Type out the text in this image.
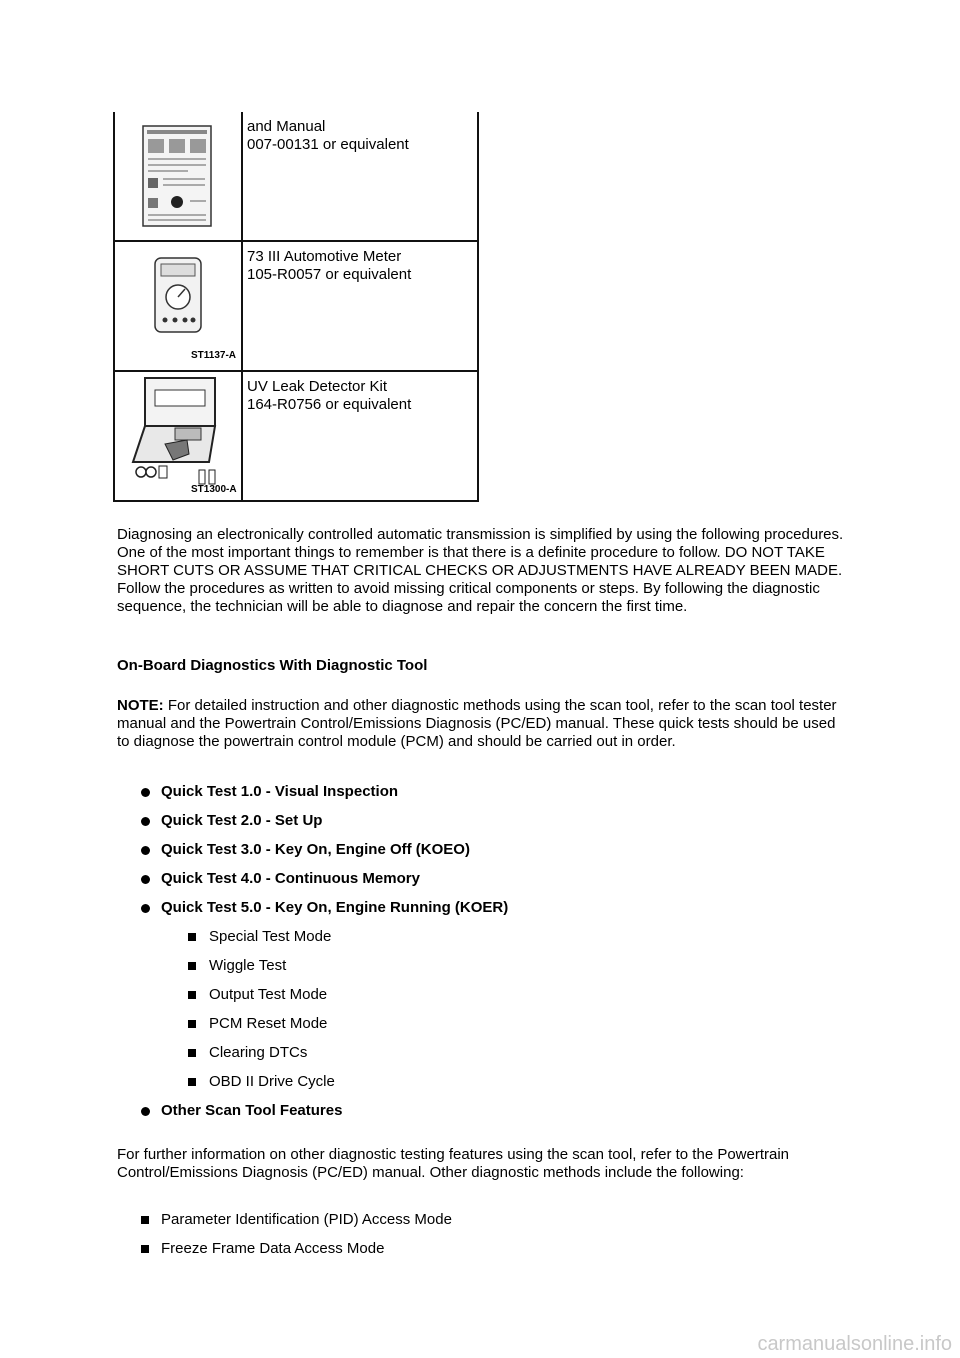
and Manual
007-00131 or equivalent

ST1137-A	73 III Automotive Meter
105-R0057 or equivalent

ST1300-A	UV Leak Detector Kit
164-R0756 or equivalent

Diagnosing an electronically controlled automatic transmission is simplified by using the following procedures. One of the most important things to remember is that there is a definite procedure to follow. DO NOT TAKE SHORT CUTS OR ASSUME THAT CRITICAL CHECKS OR ADJUSTMENTS HAVE ALREADY BEEN MADE. Follow the procedures as written to avoid missing critical components or steps. By following the diagnostic sequence, the technician will be able to diagnose and repair the concern the first time.

On-Board Diagnostics With Diagnostic Tool

NOTE: For detailed instruction and other diagnostic methods using the scan tool, refer to the scan tool tester manual and the Powertrain Control/Emissions Diagnosis (PC/ED) manual. These quick tests should be used to diagnose the powertrain control module (PCM) and should be carried out in order.

Quick Test 1.0 - Visual Inspection
Quick Test 2.0 - Set Up
Quick Test 3.0 - Key On, Engine Off (KOEO)
Quick Test 4.0 - Continuous Memory
Quick Test 5.0 - Key On, Engine Running (KOER)
Special Test Mode
Wiggle Test
Output Test Mode
PCM Reset Mode
Clearing DTCs
OBD II Drive Cycle
Other Scan Tool Features

For further information on other diagnostic testing features using the scan tool, refer to the Powertrain Control/Emissions Diagnosis (PC/ED) manual. Other diagnostic methods include the following:

Parameter Identification (PID) Access Mode
Freeze Frame Data Access Mode
carmanualsonline.info
